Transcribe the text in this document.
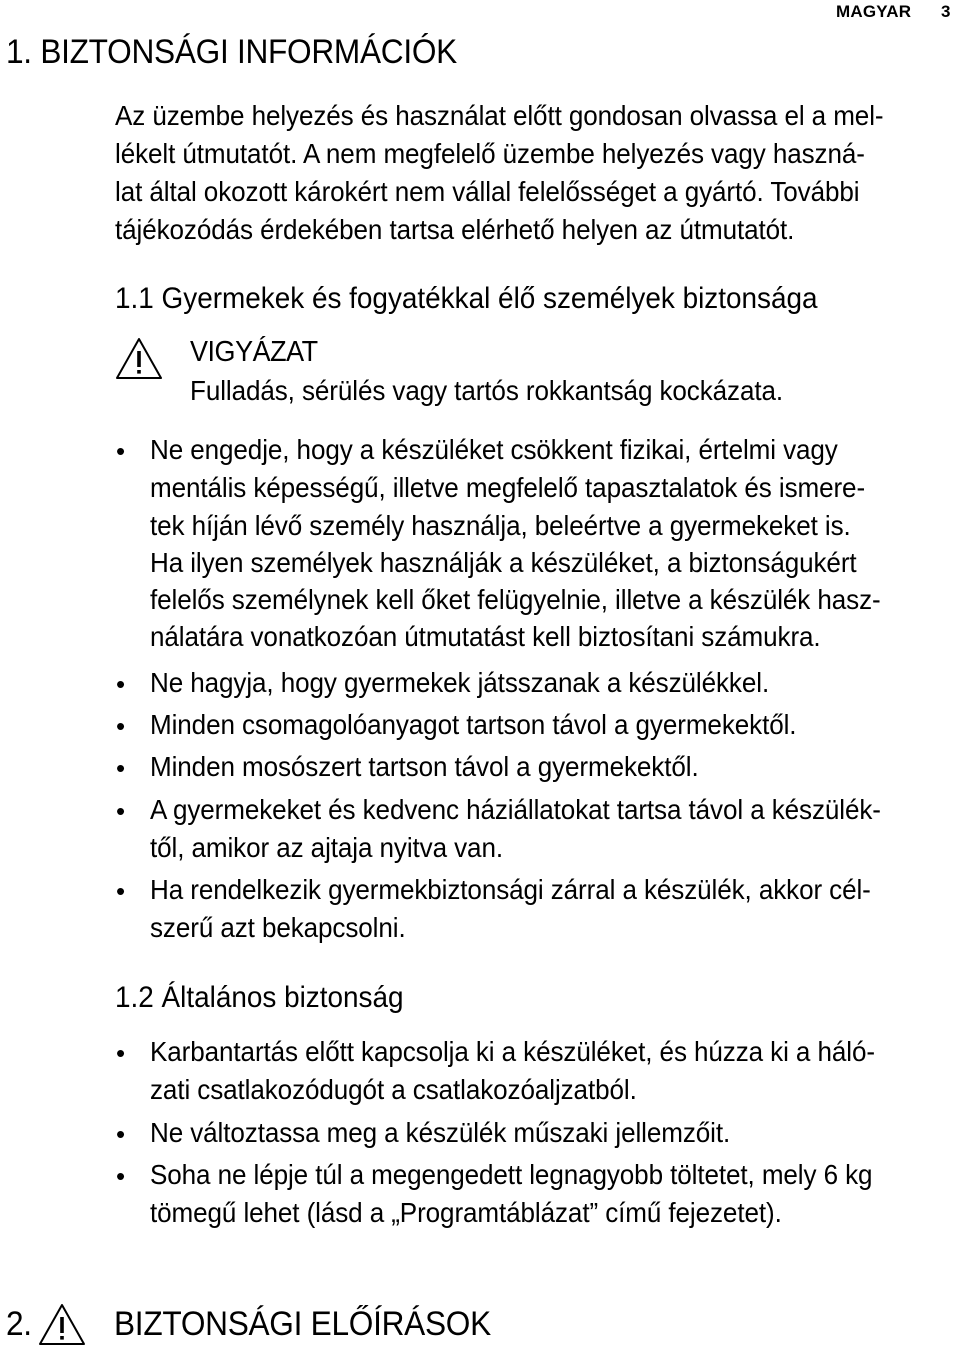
MAGYAR 3
1. BIZTONSÁGI INFORMÁCIÓK
Az üzembe helyezés és használat előtt gondosan olvassa el a mel-
lékelt útmutatót. A nem megfelelő üzembe helyezés vagy haszná-
lat által okozott károkért nem vállal felelősséget a gyártó. További
tájékozódás érdekében tartsa elérhető helyen az útmutatót.
1.1 Gyermekek és fogyatékkal élő személyek biztonsága
VIGYÁZAT
Fulladás, sérülés vagy tartós rokkantság kockázata.
• Ne engedje, hogy a készüléket csökkent fizikai, értelmi vagy
mentális képességű, illetve megfelelő tapasztalatok és ismere-
tek híján lévő személy használja, beleértve a gyermekeket is.
Ha ilyen személyek használják a készüléket, a biztonságukért
felelős személynek kell őket felügyelnie, illetve a készülék hasz-
nálatára vonatkozóan útmutatást kell biztosítani számukra.
• Ne hagyja, hogy gyermekek játsszanak a készülékkel.
• Minden csomagolóanyagot tartson távol a gyermekektől.
• Minden mosószert tartson távol a gyermekektől.
• A gyermekeket és kedvenc háziállatokat tartsa távol a készülék-
től, amikor az ajtaja nyitva van.
• Ha rendelkezik gyermekbiztonsági zárral a készülék, akkor cél-
szerű azt bekapcsolni.
1.2 Általános biztonság
• Karbantartás előtt kapcsolja ki a készüléket, és húzza ki a háló-
zati csatlakozódugót a csatlakozóaljzatból.
• Ne változtassa meg a készülék műszaki jellemzőit.
• Soha ne lépje túl a megengedett legnagyobb töltetet, mely 6 kg
tömegű lehet (lásd a „Programtáblázat” című fejezetet).
2. BIZTONSÁGI ELŐÍRÁSOK
